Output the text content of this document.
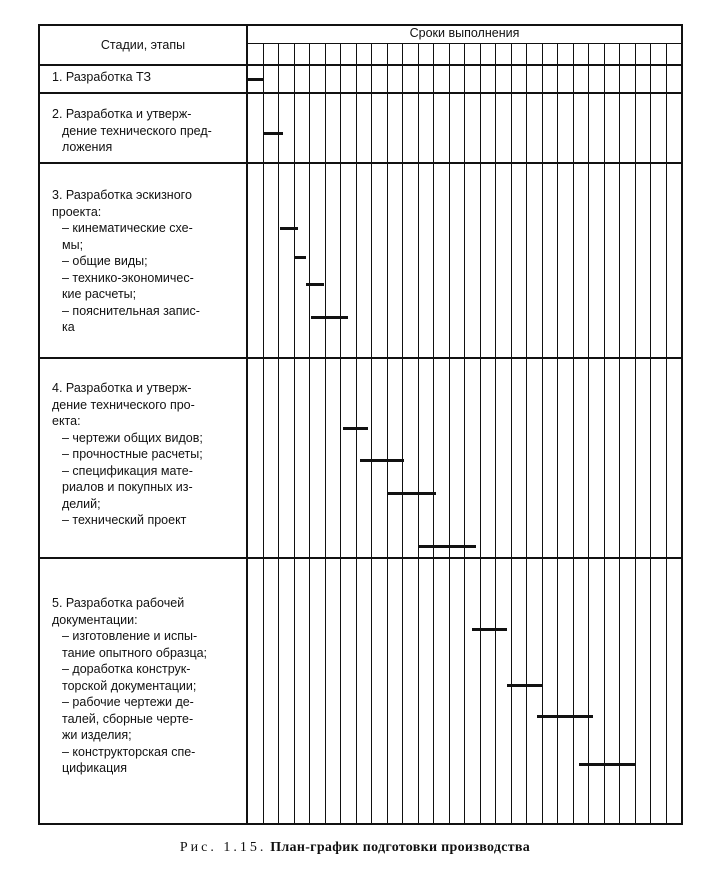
Стадии, этапы
Сроки выполнения
1. Разработка ТЗ
2. Разработка и утверж-
дение технического пред-
ложения
3. Разработка эскизного
проекта:
– кинематические схе-
мы;
– общие виды;
– технико-экономичес-
кие расчеты;
– пояснительная запис-
ка
4. Разработка и утверж-
дение технического про-
екта:
– чертежи общих видов;
– прочностные расчеты;
– спецификация мате-
риалов и покупных из-
делий;
– технический проект
5. Разработка рабочей
документации:
– изготовление и испы-
тание опытного образца;
– доработка конструк-
торской документации;
– рабочие чертежи де-
талей, сборные черте-
жи изделия;
– конструкторская спе-
цификация
Рис. 1.15. План-график подготовки производства
